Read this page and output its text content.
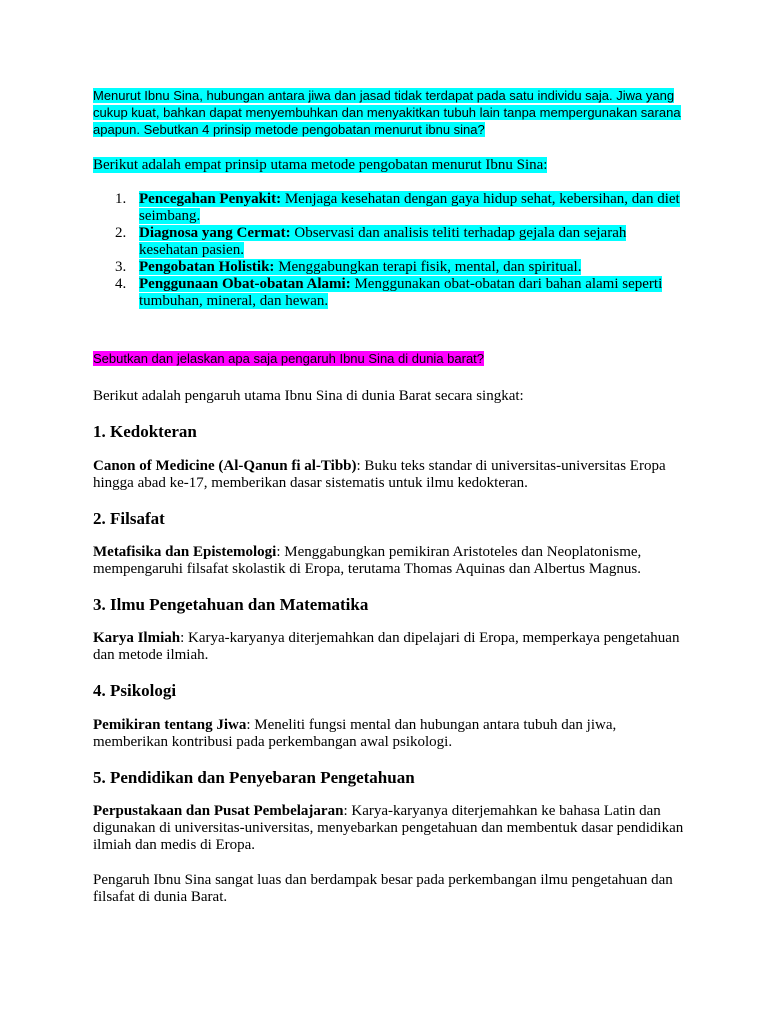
Menurut Ibnu Sina, hubungan antara jiwa dan jasad tidak terdapat pada satu individu saja. Jiwa yang cukup kuat, bahkan dapat menyembuhkan dan menyakitkan tubuh lain tanpa mempergunakan sarana apapun. Sebutkan 4 prinsip metode pengobatan menurut ibnu sina?

Berikut adalah empat prinsip utama metode pengobatan menurut Ibnu Sina:

1. Pencegahan Penyakit: Menjaga kesehatan dengan gaya hidup sehat, kebersihan, dan diet seimbang.
2. Diagnosa yang Cermat: Observasi dan analisis teliti terhadap gejala dan sejarah kesehatan pasien.
3. Pengobatan Holistik: Menggabungkan terapi fisik, mental, dan spiritual.
4. Penggunaan Obat-obatan Alami: Menggunakan obat-obatan dari bahan alami seperti tumbuhan, mineral, dan hewan.

Sebutkan dan jelaskan apa saja pengaruh Ibnu Sina di dunia barat?

Berikut adalah pengaruh utama Ibnu Sina di dunia Barat secara singkat:

1. Kedokteran

Canon of Medicine (Al-Qanun fi al-Tibb): Buku teks standar di universitas-universitas Eropa hingga abad ke-17, memberikan dasar sistematis untuk ilmu kedokteran.

2. Filsafat

Metafisika dan Epistemologi: Menggabungkan pemikiran Aristoteles dan Neoplatonisme, mempengaruhi filsafat skolastik di Eropa, terutama Thomas Aquinas dan Albertus Magnus.

3. Ilmu Pengetahuan dan Matematika

Karya Ilmiah: Karya-karyanya diterjemahkan dan dipelajari di Eropa, memperkaya pengetahuan dan metode ilmiah.

4. Psikologi

Pemikiran tentang Jiwa: Meneliti fungsi mental dan hubungan antara tubuh dan jiwa, memberikan kontribusi pada perkembangan awal psikologi.

5. Pendidikan dan Penyebaran Pengetahuan

Perpustakaan dan Pusat Pembelajaran: Karya-karyanya diterjemahkan ke bahasa Latin dan digunakan di universitas-universitas, menyebarkan pengetahuan dan membentuk dasar pendidikan ilmiah dan medis di Eropa.

Pengaruh Ibnu Sina sangat luas dan berdampak besar pada perkembangan ilmu pengetahuan dan filsafat di dunia Barat.
